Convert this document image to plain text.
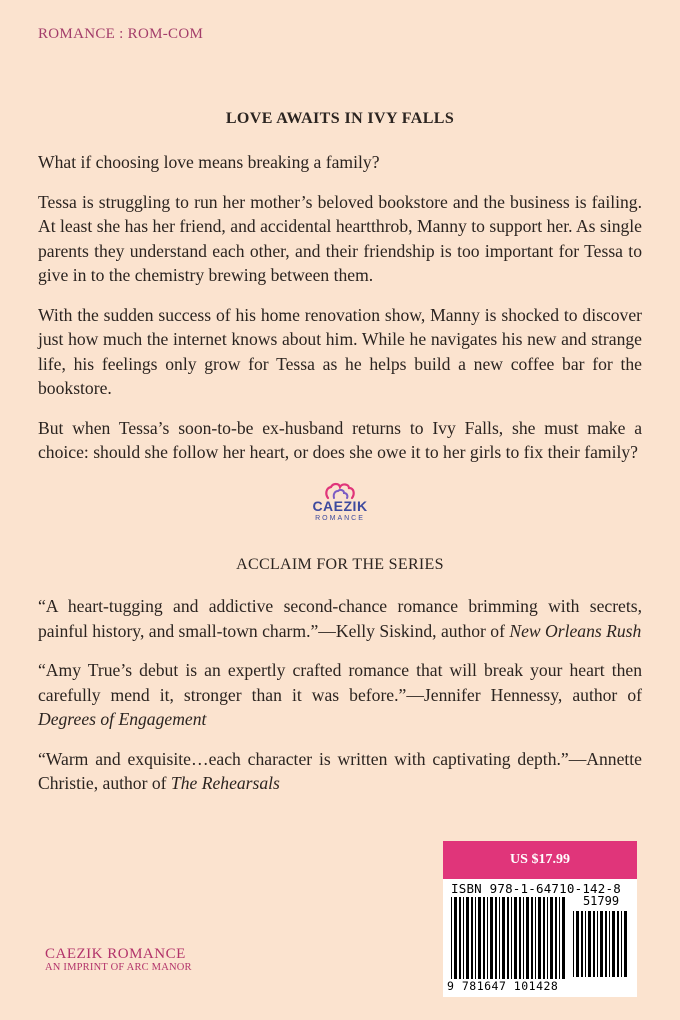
ROMANCE : ROM-COM
LOVE AWAITS IN IVY FALLS

What if choosing love means breaking a family?

Tessa is struggling to run her mother’s beloved bookstore and the business is failing. At least she has her friend, and accidental heartthrob, Manny to support her. As single parents they understand each other, and their friendship is too important for Tessa to give in to the chemistry brewing between them.

With the sudden success of his home renovation show, Manny is shocked to discover just how much the internet knows about him. While he navigates his new and strange life, his feelings only grow for Tessa as he helps build a new coffee bar for the bookstore.

But when Tessa’s soon-to-be ex-husband returns to Ivy Falls, she must make a choice: should she follow her heart, or does she owe it to her girls to fix their family?

CAEZIK
ROMANCE
ACCLAIM FOR THE SERIES

“A heart-tugging and addictive second-chance romance brimming with secrets, painful history, and small-town charm.”—Kelly Siskind, author of New Orleans Rush

“Amy True’s debut is an expertly crafted romance that will break your heart then carefully mend it, stronger than it was before.”—Jennifer Hennessy, author of Degrees of Engagement

“Warm and exquisite…each character is written with captivating depth.”—Annette Christie, author of The Rehearsals

CAEZIK ROMANCE
AN IMPRINT OF ARC MANOR
US $17.99
ISBN 978-1-64710-142-8
51799
9 781647 101428
